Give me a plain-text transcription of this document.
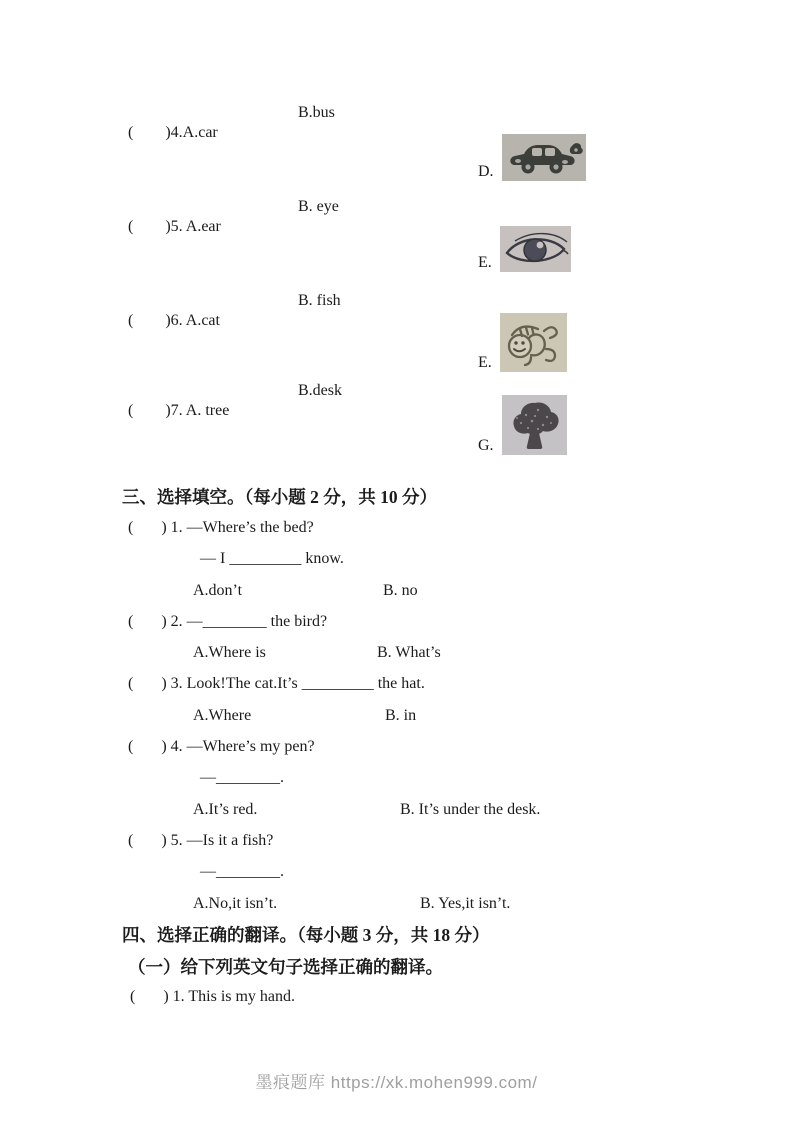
(        )4.A.car

B.bus

(        )5. A.ear

B. eye

(        )6. A.cat

B. fish

(        )7. A. tree

B.desk

D.
E.
E.
G.
三、选择填空。（每小题 2 分，共 10 分）
(       ) 1. —Where’s the bed?
— I _________ know.
A.don’t	B. no
(       ) 2. —________ the bird?
A.Where is	B. What’s
(       ) 3. Look!The cat.It’s _________ the hat.
A.Where	B. in
(       ) 4. —Where’s my pen?
—________.
A.It’s red.	B. It’s under the desk.
(       ) 5. —Is it a fish?
—________.
A.No,it isn’t.	B. Yes,it isn’t.
四、选择正确的翻译。（每小题 3 分，共 18 分）
（一）给下列英文句子选择正确的翻译。
(       ) 1. This is my hand.
墨痕题库 https://xk.mohen999.com/
